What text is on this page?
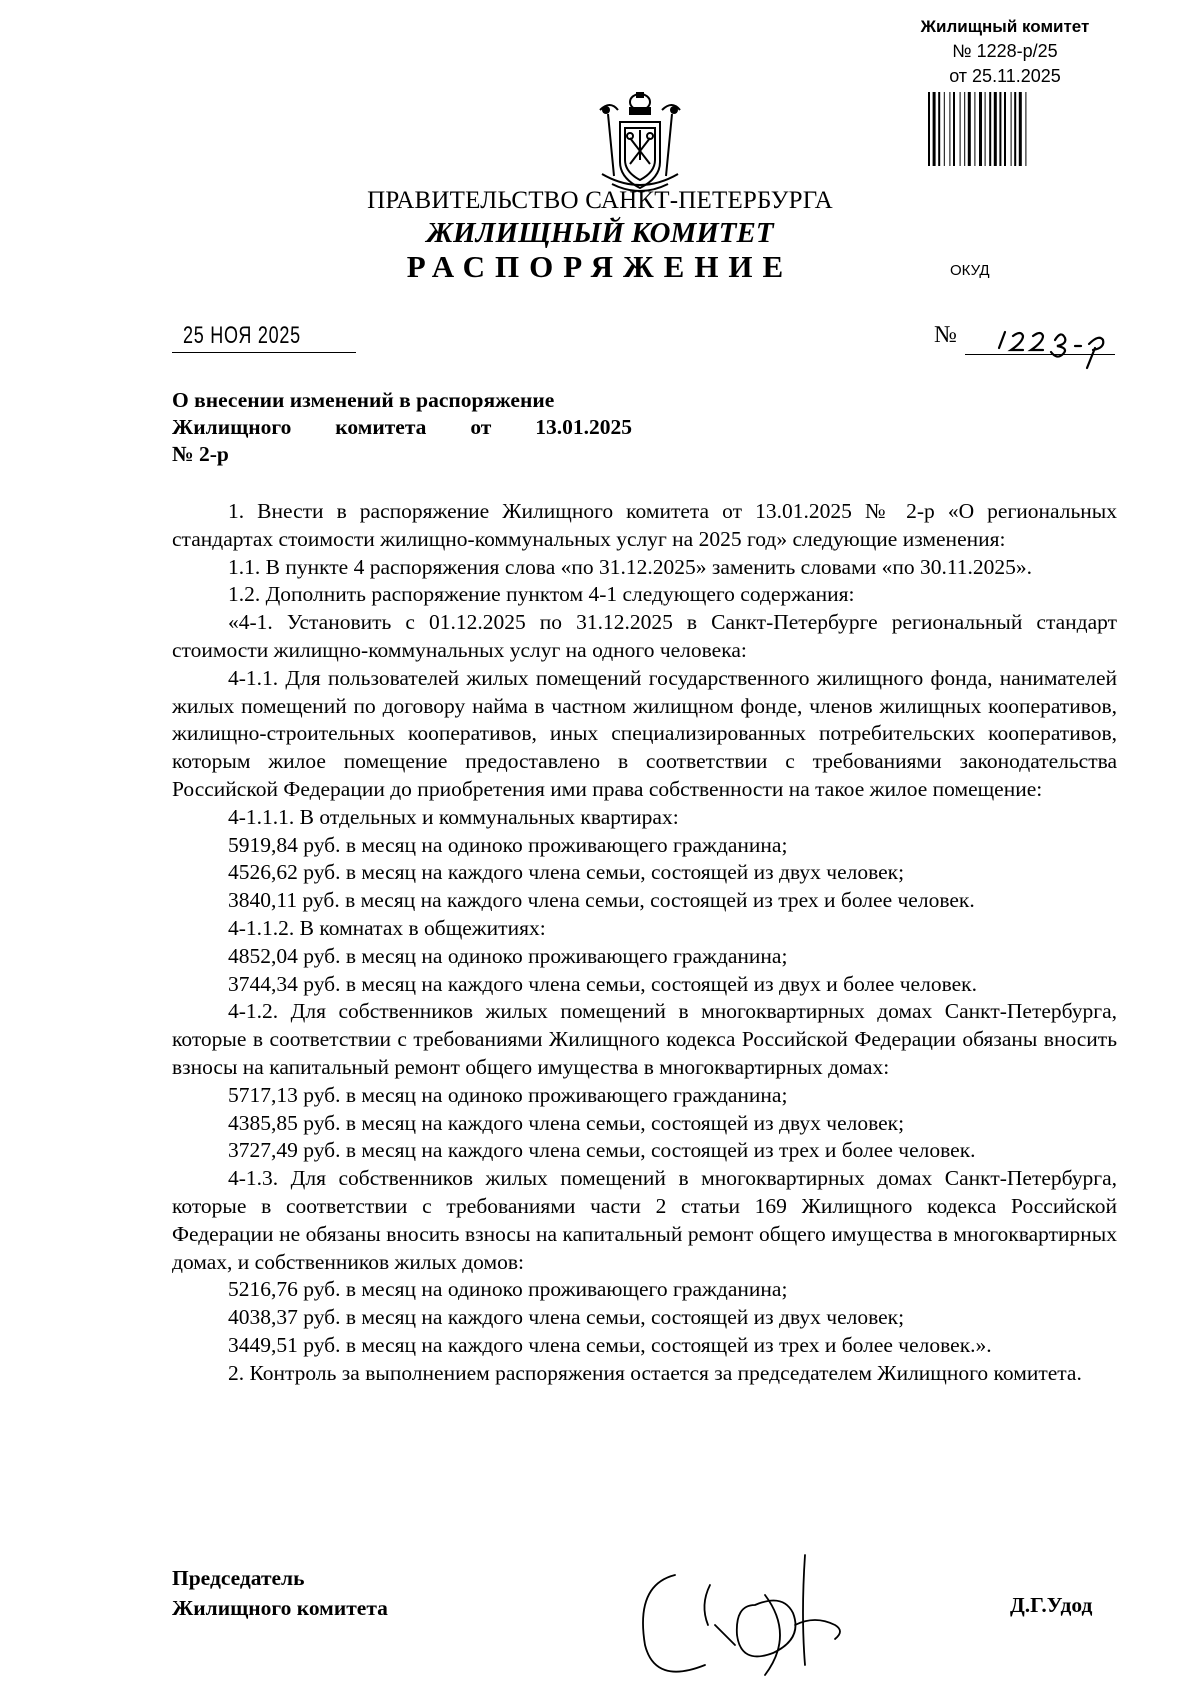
Жилищный комитет
№ 1228-р/25
от 25.11.2025
ПРАВИТЕЛЬСТВО САНКТ-ПЕТЕРБУРГА
ЖИЛИЩНЫЙ КОМИТЕТ
РАСПОРЯЖЕНИЕ	ОКУД
25 НОЯ 2025	№
О внесении изменений в распоряжение
Жилищного комитета от 13.01.2025
№ 2-р
1. Внести в распоряжение Жилищного комитета от 13.01.2025 № 2-р «О региональных стандартах стоимости жилищно-коммунальных услуг на 2025 год» следующие изменения:
1.1. В пункте 4 распоряжения слова «по 31.12.2025» заменить словами «по 30.11.2025».
1.2. Дополнить распоряжение пунктом 4-1 следующего содержания:
«4-1. Установить с 01.12.2025 по 31.12.2025 в Санкт-Петербурге региональный стандарт стоимости жилищно-коммунальных услуг на одного человека:
4-1.1. Для пользователей жилых помещений государственного жилищного фонда, нанимателей жилых помещений по договору найма в частном жилищном фонде, членов жилищных кооперативов, жилищно-строительных кооперативов, иных специализированных потребительских кооперативов, которым жилое помещение предоставлено в соответствии с требованиями законодательства Российской Федерации до приобретения ими права собственности на такое жилое помещение:
4-1.1.1. В отдельных и коммунальных квартирах:
5919,84 руб. в месяц на одиноко проживающего гражданина;
4526,62 руб. в месяц на каждого члена семьи, состоящей из двух человек;
3840,11 руб. в месяц на каждого члена семьи, состоящей из трех и более человек.
4-1.1.2. В комнатах в общежитиях:
4852,04 руб. в месяц на одиноко проживающего гражданина;
3744,34 руб. в месяц на каждого члена семьи, состоящей из двух и более человек.
4-1.2. Для собственников жилых помещений в многоквартирных домах Санкт-Петербурга, которые в соответствии с требованиями Жилищного кодекса Российской Федерации обязаны вносить взносы на капитальный ремонт общего имущества в многоквартирных домах:
5717,13 руб. в месяц на одиноко проживающего гражданина;
4385,85 руб. в месяц на каждого члена семьи, состоящей из двух человек;
3727,49 руб. в месяц на каждого члена семьи, состоящей из трех и более человек.
4-1.3. Для собственников жилых помещений в многоквартирных домах Санкт-Петербурга, которые в соответствии с требованиями части 2 статьи 169 Жилищного кодекса Российской Федерации не обязаны вносить взносы на капитальный ремонт общего имущества в многоквартирных домах, и собственников жилых домов:
5216,76 руб. в месяц на одиноко проживающего гражданина;
4038,37 руб. в месяц на каждого члена семьи, состоящей из двух человек;
3449,51 руб. в месяц на каждого члена семьи, состоящей из трех и более человек.».
2. Контроль за выполнением распоряжения остается за председателем Жилищного комитета.
Председатель
Жилищного комитета	Д.Г.Удод
